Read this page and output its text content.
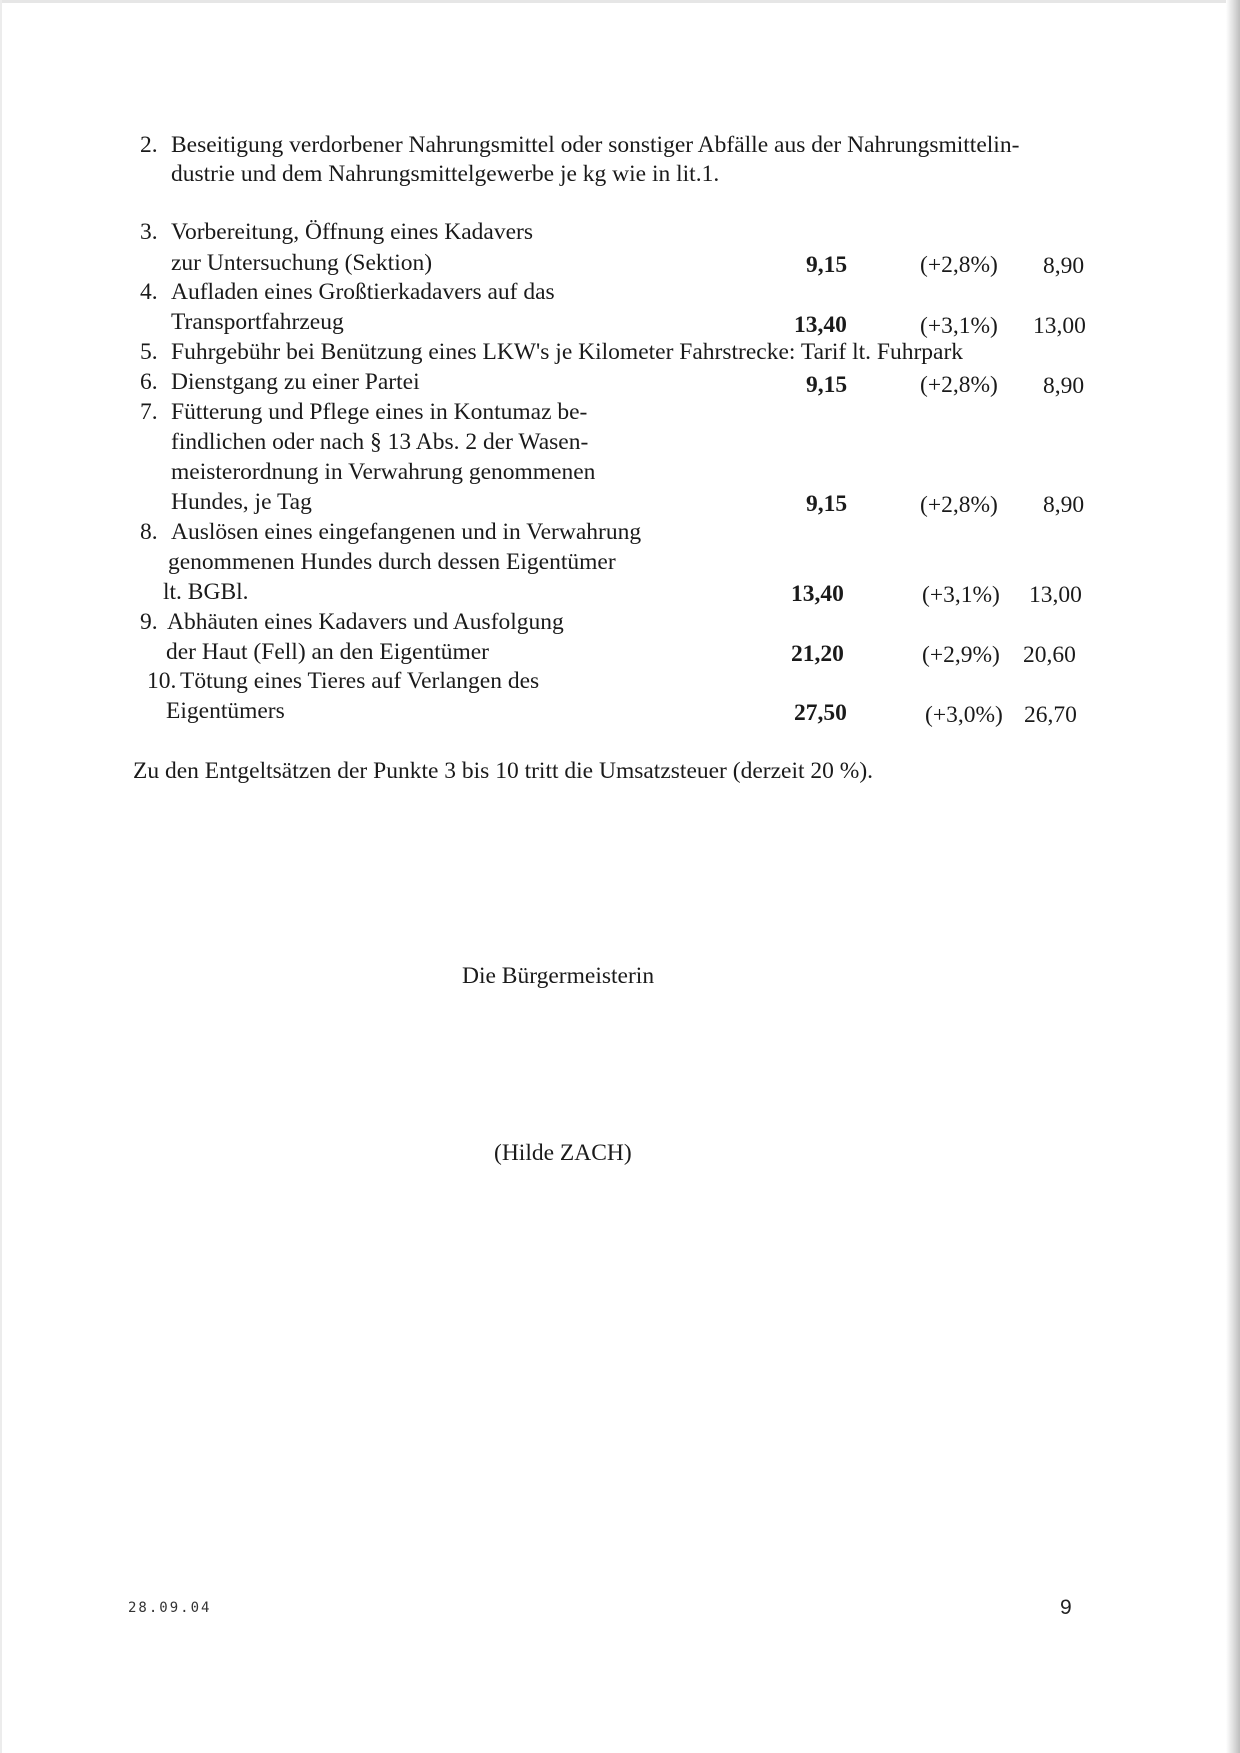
2. Beseitigung verdorbener Nahrungsmittel oder sonstiger Abfälle aus der Nahrungsmittelin-
dustrie und dem Nahrungsmittelgewerbe je kg wie in lit.1.
3. Vorbereitung, Öffnung eines Kadavers
zur Untersuchung (Sektion)	9,15	(+2,8%) 8,90
4. Aufladen eines Großtierkadavers auf das
Transportfahrzeug	13,40	(+3,1%) 13,00
5. Fuhrgebühr bei Benützung eines LKW's je Kilometer Fahrstrecke: Tarif lt. Fuhrpark
6. Dienstgang zu einer Partei	9,15	(+2,8%) 8,90
7. Fütterung und Pflege eines in Kontumaz be-
findlichen oder nach § 13 Abs. 2 der Wasen-
meisterordnung in Verwahrung genommenen
Hundes, je Tag	9,15	(+2,8%) 8,90
8. Auslösen eines eingefangenen und in Verwahrung
genommenen Hundes durch dessen Eigentümer
lt. BGBl.	13,40	(+3,1%) 13,00
9. Abhäuten eines Kadavers und Ausfolgung
der Haut (Fell) an den Eigentümer	21,20	(+2,9%) 20,60
10. Tötung eines Tieres auf Verlangen des
Eigentümers	27,50	(+3,0%) 26,70
Zu den Entgeltsätzen der Punkte 3 bis 10 tritt die Umsatzsteuer (derzeit 20 %).
Die Bürgermeisterin
(Hilde ZACH)
28.09.04	9
